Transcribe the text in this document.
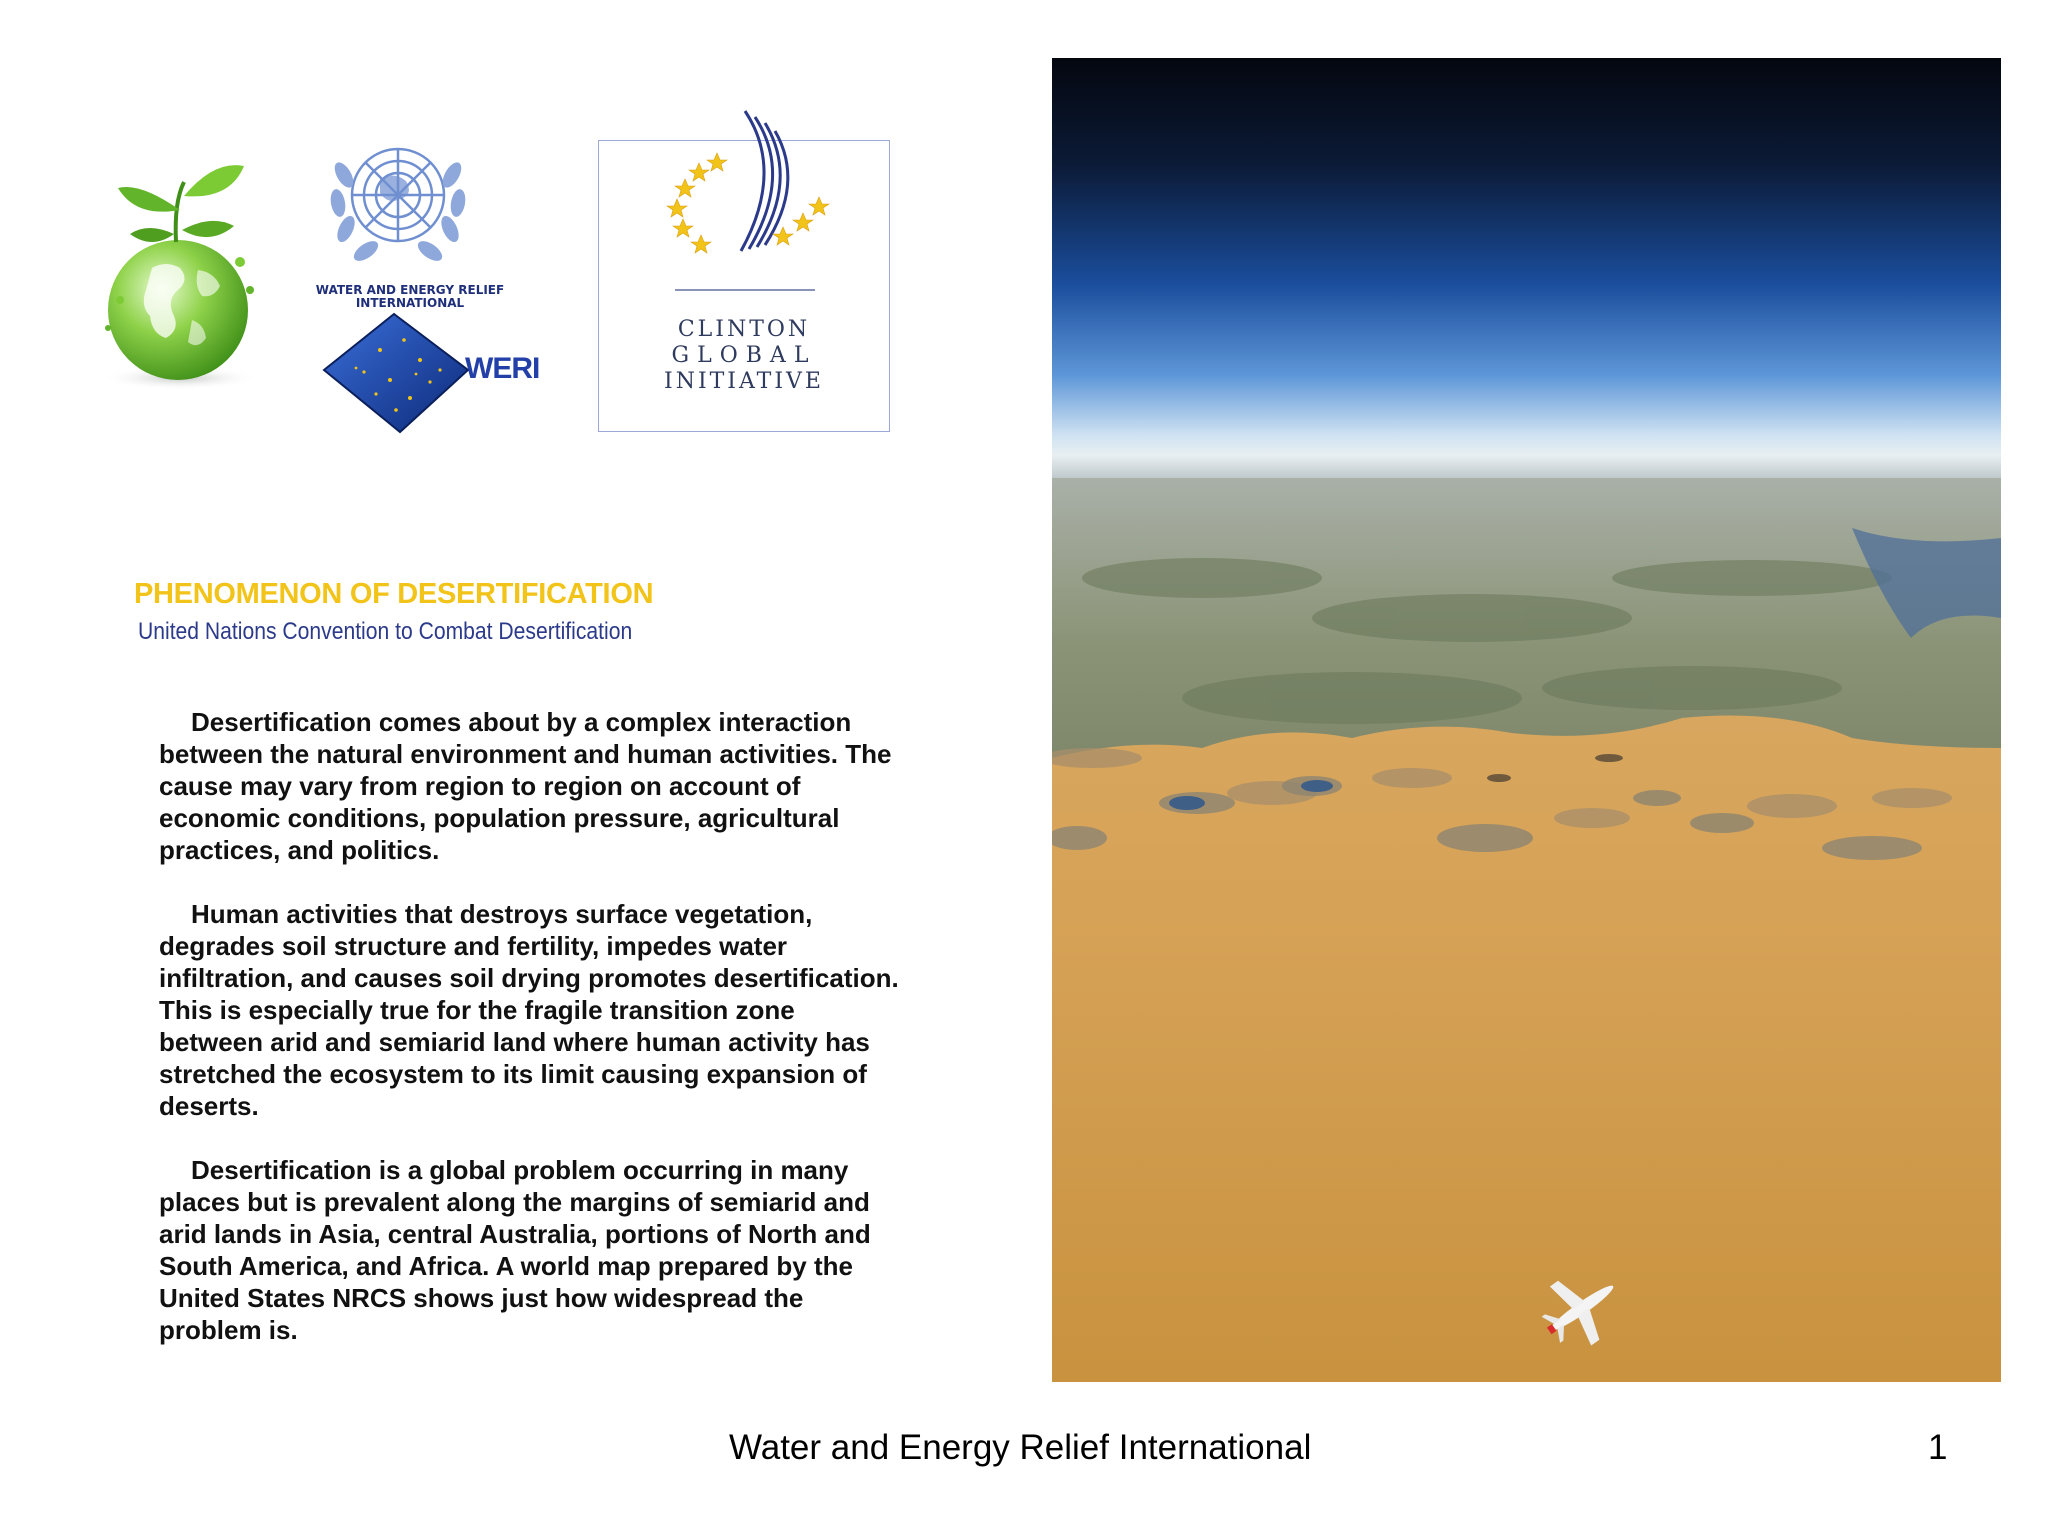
WATER AND ENERGY RELIEF
INTERNATIONAL
WERI
CLINTON
GLOBAL
INITIATIVE
PHENOMENON OF DESERTIFICATION
United Nations Convention to Combat Desertification

Desertification comes about by a complex interaction between the natural environment and human activities. The cause may vary from region to region on account of economic conditions, population pressure, agricultural practices, and politics.

Human activities that destroys surface vegetation, degrades soil structure and fertility, impedes water infiltration, and causes soil drying promotes desertification. This is especially true for the fragile transition zone between arid and semiarid land where human activity has stretched the ecosystem to its limit causing expansion of deserts.

Desertification is a global problem occurring in many places but is prevalent along the margins of semiarid and arid lands in Asia, central Australia, portions of North and South America, and Africa. A world map prepared by the United States NRCS shows just how widespread the problem is.

Water and Energy Relief International	1
